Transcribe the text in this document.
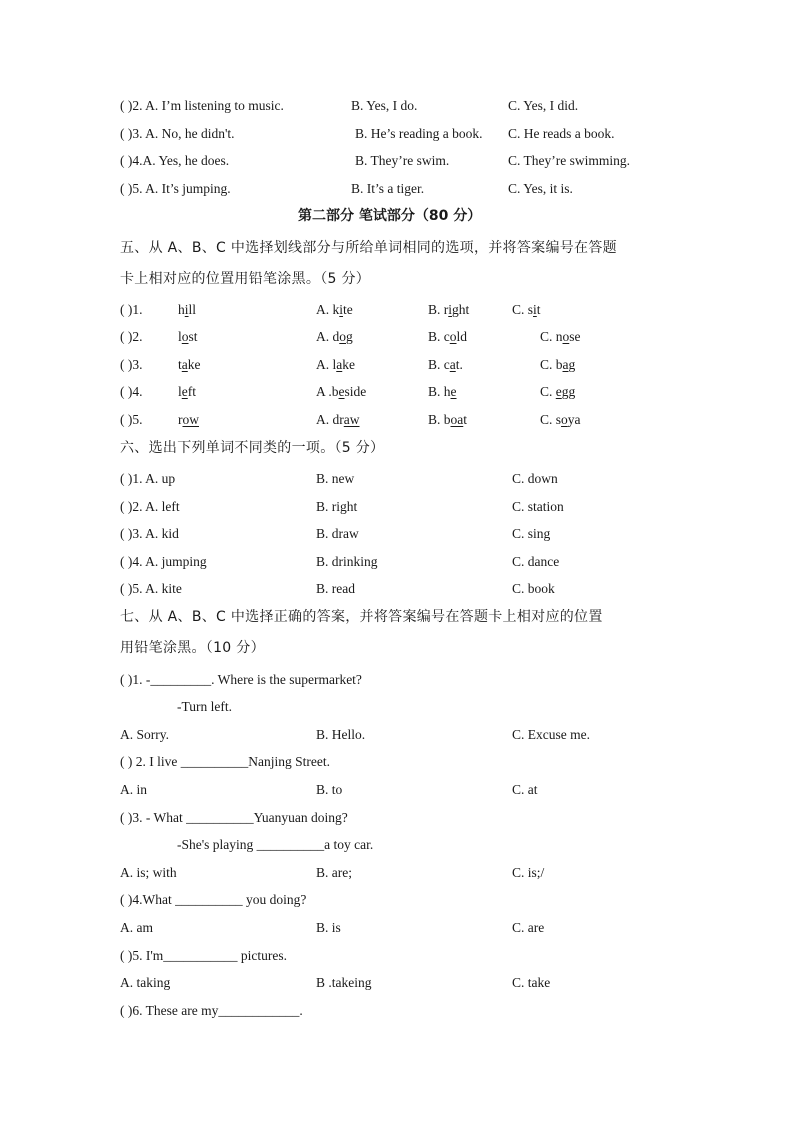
( )2. A. I’m listening to music.	B. Yes, I do.	C. Yes, I did.
( )3. A. No, he didn't.	B. He’s reading a book. C. He reads a book.
( )4.A. Yes, he does.	B. They’re swim.	C. They’re swimming.
( )5. A. It’s jumping.	B. It’s a tiger.	C. Yes, it is.
第二部分 笔试部分（80 分）
五、从 A、B、C 中选择划线部分与所给单词相同的选项，并将答案编号在答题
卡上相对应的位置用铅笔涂黑。（5 分）
( )1.	hill	A. kite	B. right	C. sit
( )2.	lost	A. dog	B. cold	C. nose
( )3.	take	A. lake	B. cat.	C. bag
( )4.	left	A .beside	B. he	C. egg
( )5.	row	A. draw	B. boat	C. soya
六、选出下列单词不同类的一项。（5 分）
( )1. A. up	B. new	C. down
( )2. A. left	B. right	C. station
( )3. A. kid	B. draw	C. sing
( )4. A. jumping	B. drinking	C. dance
( )5. A. kite	B. read	C. book
七、从 A、B、C 中选择正确的答案，并将答案编号在答题卡上相对应的位置
用铅笔涂黑。（10 分）
( )1. -_________. Where is the supermarket?
-Turn left.
A. Sorry.	B. Hello.	C. Excuse me.
( ) 2. I live __________Nanjing Street.
A. in	B. to	C. at
( )3. - What __________Yuanyuan doing?
-She's playing __________a toy car.
A. is; with	B. are;	C. is;/
( )4.What __________ you doing?
A. am	B. is	C. are
( )5. I'm___________ pictures.
A. taking	B .takeing	C. take
( )6. These are my____________.
